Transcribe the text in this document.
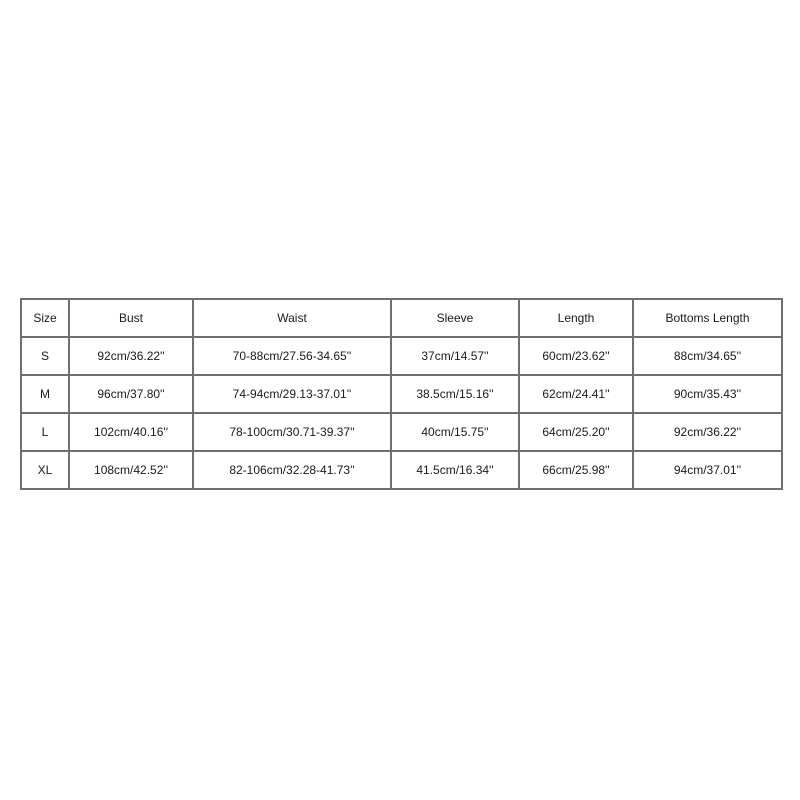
Size	Bust	Waist	Sleeve	Length	Bottoms Length
S	92cm/36.22''	70-88cm/27.56-34.65''	37cm/14.57''	60cm/23.62''	88cm/34.65''
M	96cm/37.80''	74-94cm/29.13-37.01''	38.5cm/15.16''	62cm/24.41''	90cm/35.43''
L	102cm/40.16''	78-100cm/30.71-39.37''	40cm/15.75''	64cm/25.20''	92cm/36.22''
XL	108cm/42.52''	82-106cm/32.28-41.73''	41.5cm/16.34''	66cm/25.98''	94cm/37.01''
